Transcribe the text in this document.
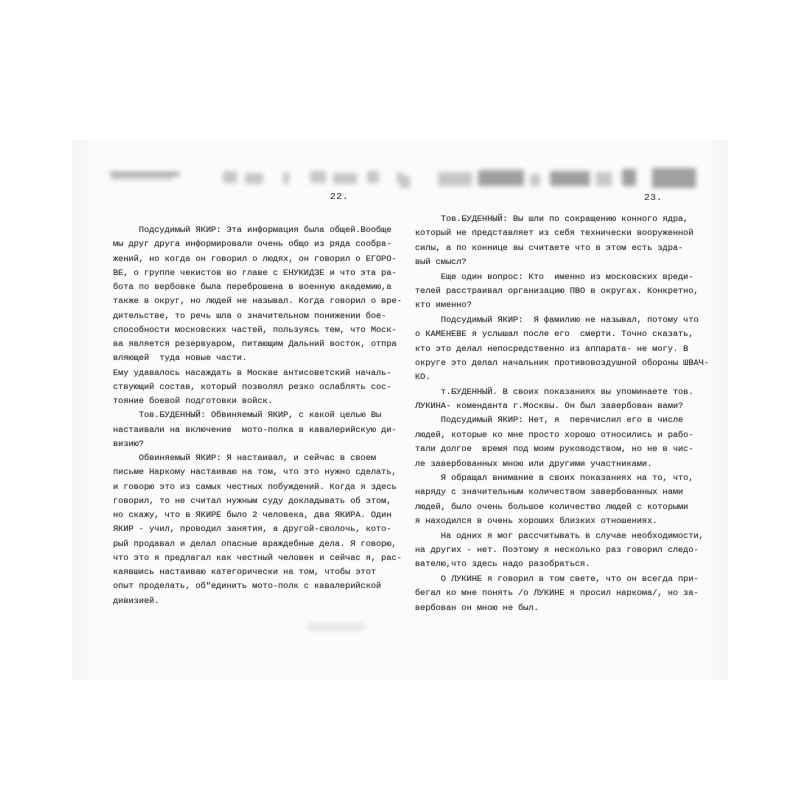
22.	23.
Подсудимый ЯКИР: Эта информация была общей.Вообще
мы друг друга информировали очень общо из ряда сообра-
жений, но когда он говорил о людях, он говорил о ЕГОРО-
ВЕ, о группе чекистов во главе с ЕНУКИДЗЕ и что эта ра-
бота по вербовке была переброшена в военную академию,а
также в округ, но людей не называл. Когда говорил о вре-
дительстве, то речь шла о значительном понижении бое-
способности московских частей, пользуясь тем, что Моск-
ва является резервуаром, питающим Дальний восток, отпра
вляющей  туда новые части.
Ему удавалось насаждать в Москве антисоветский началь-
ствующий состав, который позволял резко ослаблять сос-
тояние боевой подготовки войск.
Тов.БУДЕННЫЙ: Обвиняемый ЯКИР, с какой целью Вы
настаивали на включение  мото-полка в кавалерийскую ди-
визию?
Обвиняемый ЯКИР: Я настаивал, и сейчас в своем
письме Наркому настаиваю на том, что это нужно сделать,
и говорю это из самых честных побуждений. Когда я здесь
говорил, то не считал нужным суду докладывать об этом,
но скажу, что в ЯКИРЕ было 2 человека, два ЯКИРА. Один
ЯКИР - учил, проводил занятия, а другой-сволочь, кото-
рый продавал и делал опасные враждебные дела. Я говорю,
что это я предлагал как честный человек и сейчас я, рас-
каявшись настаиваю категорически на том, чтобы этот
опыт проделать, об"единить мото-полк с кавалерийской
дивизией.
Тов.БУДЕННЫЙ: Вы шли по сокращению конного ядра,
который не представляет из себя технически вооруженной
силы, а по коннице вы считаете что в этом есть здра-
вый смысл?
Еще один вопрос: Кто  именно из московских вреди-
телей расстраивал организацию ПВО в округах. Конкретно,
кто именно?
Подсудимый ЯКИР:  Я фамилию не называл, потому что
о КАМЕНЕВЕ я услышал после его  смерти. Точно сказать,
кто это делал непосредственно из аппарата- не могу. В
округе это делал начальник противовоздушной обороны ШВАЧ-
КО.
т.БУДЕННЫЙ. В своих показаниях вы упоминаете тов.
ЛУКИНА- коменданта г.Москвы. Он был завербован вами?
Подсудимый ЯКИР: Нет, я  перечислил его в числе
людей, которые ко мне просто хорошо относились и рабо-
тали долгое  время под моим руководством, но не в чис-
ле завербованных мною или другими участниками.
Я обращал внимание в своих показаниях на то, что,
наряду с значительным количеством завербованных нами
людей, было очень большое количество людей с которыми
я находился в очень хороших близких отношениях.
На одних я мог рассчитывать в случае необходимости,
на других - нет. Поэтому я несколько раз говорил следо-
вателю,что здесь надо разобраться.
О ЛУКИНЕ я говорил в том свете, что он всегда при-
бегал ко мне понять /о ЛУКИНЕ я просил наркома/, но за-
вербован он мною не был.
